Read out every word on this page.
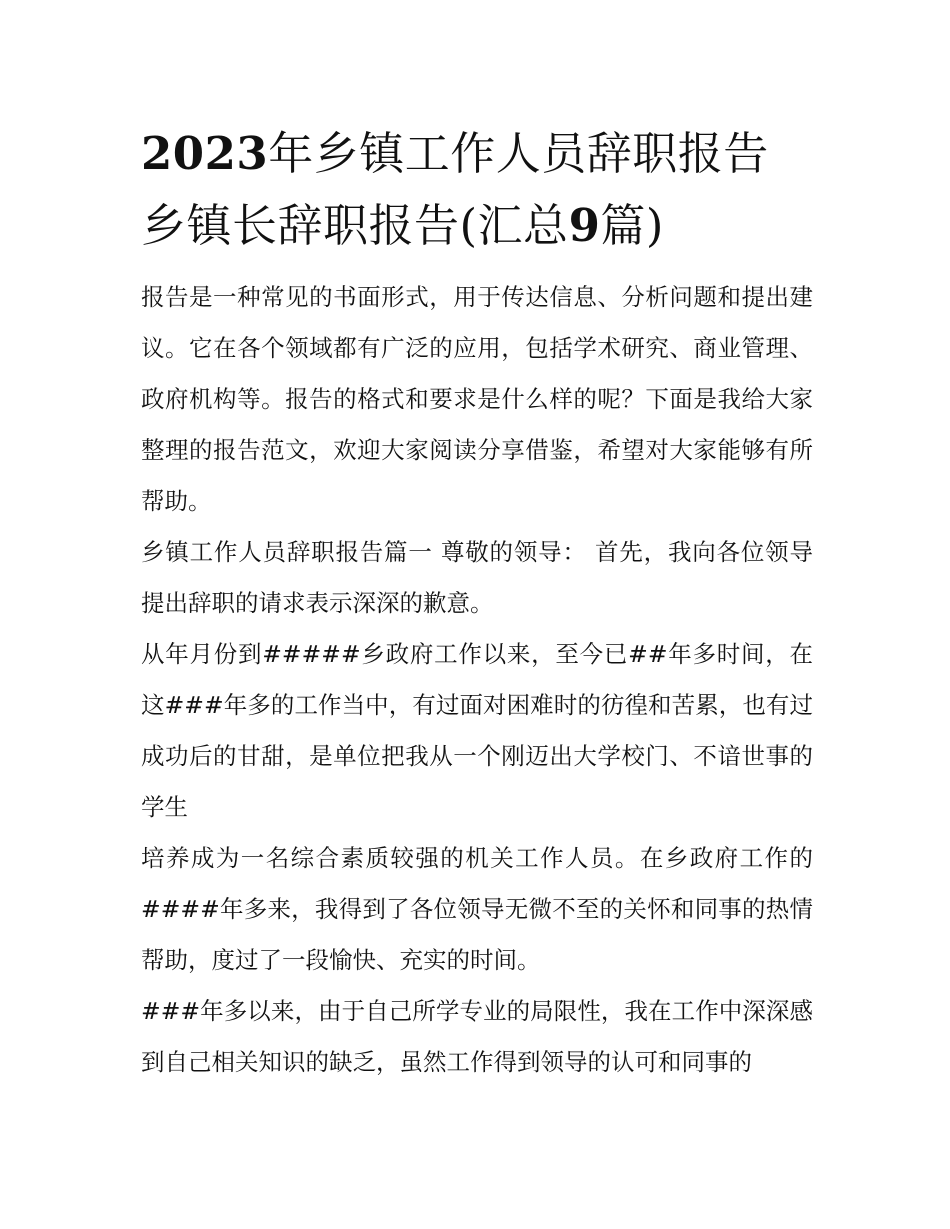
2023年乡镇工作人员辞职报告
乡镇长辞职报告(汇总9篇)

报告是一种常见的书面形式，用于传达信息、分析问题和提出建议。它在各个领域都有广泛的应用，包括学术研究、商业管理、政府机构等。报告的格式和要求是什么样的呢？下面是我给大家整理的报告范文，欢迎大家阅读分享借鉴，希望对大家能够有所帮助。

乡镇工作人员辞职报告篇一 尊敬的领导： 首先，我向各位领导提出辞职的请求表示深深的歉意。

从年月份到#####乡政府工作以来，至今已##年多时间，在这###年多的工作当中，有过面对困难时的彷徨和苦累，也有过成功后的甘甜，是单位把我从一个刚迈出大学校门、不谙世事的学生

培养成为一名综合素质较强的机关工作人员。在乡政府工作的####年多来，我得到了各位领导无微不至的关怀和同事的热情帮助，度过了一段愉快、充实的时间。

###年多以来，由于自己所学专业的局限性，我在工作中深深感到自己相关知识的缺乏，虽然工作得到领导的认可和同事的
